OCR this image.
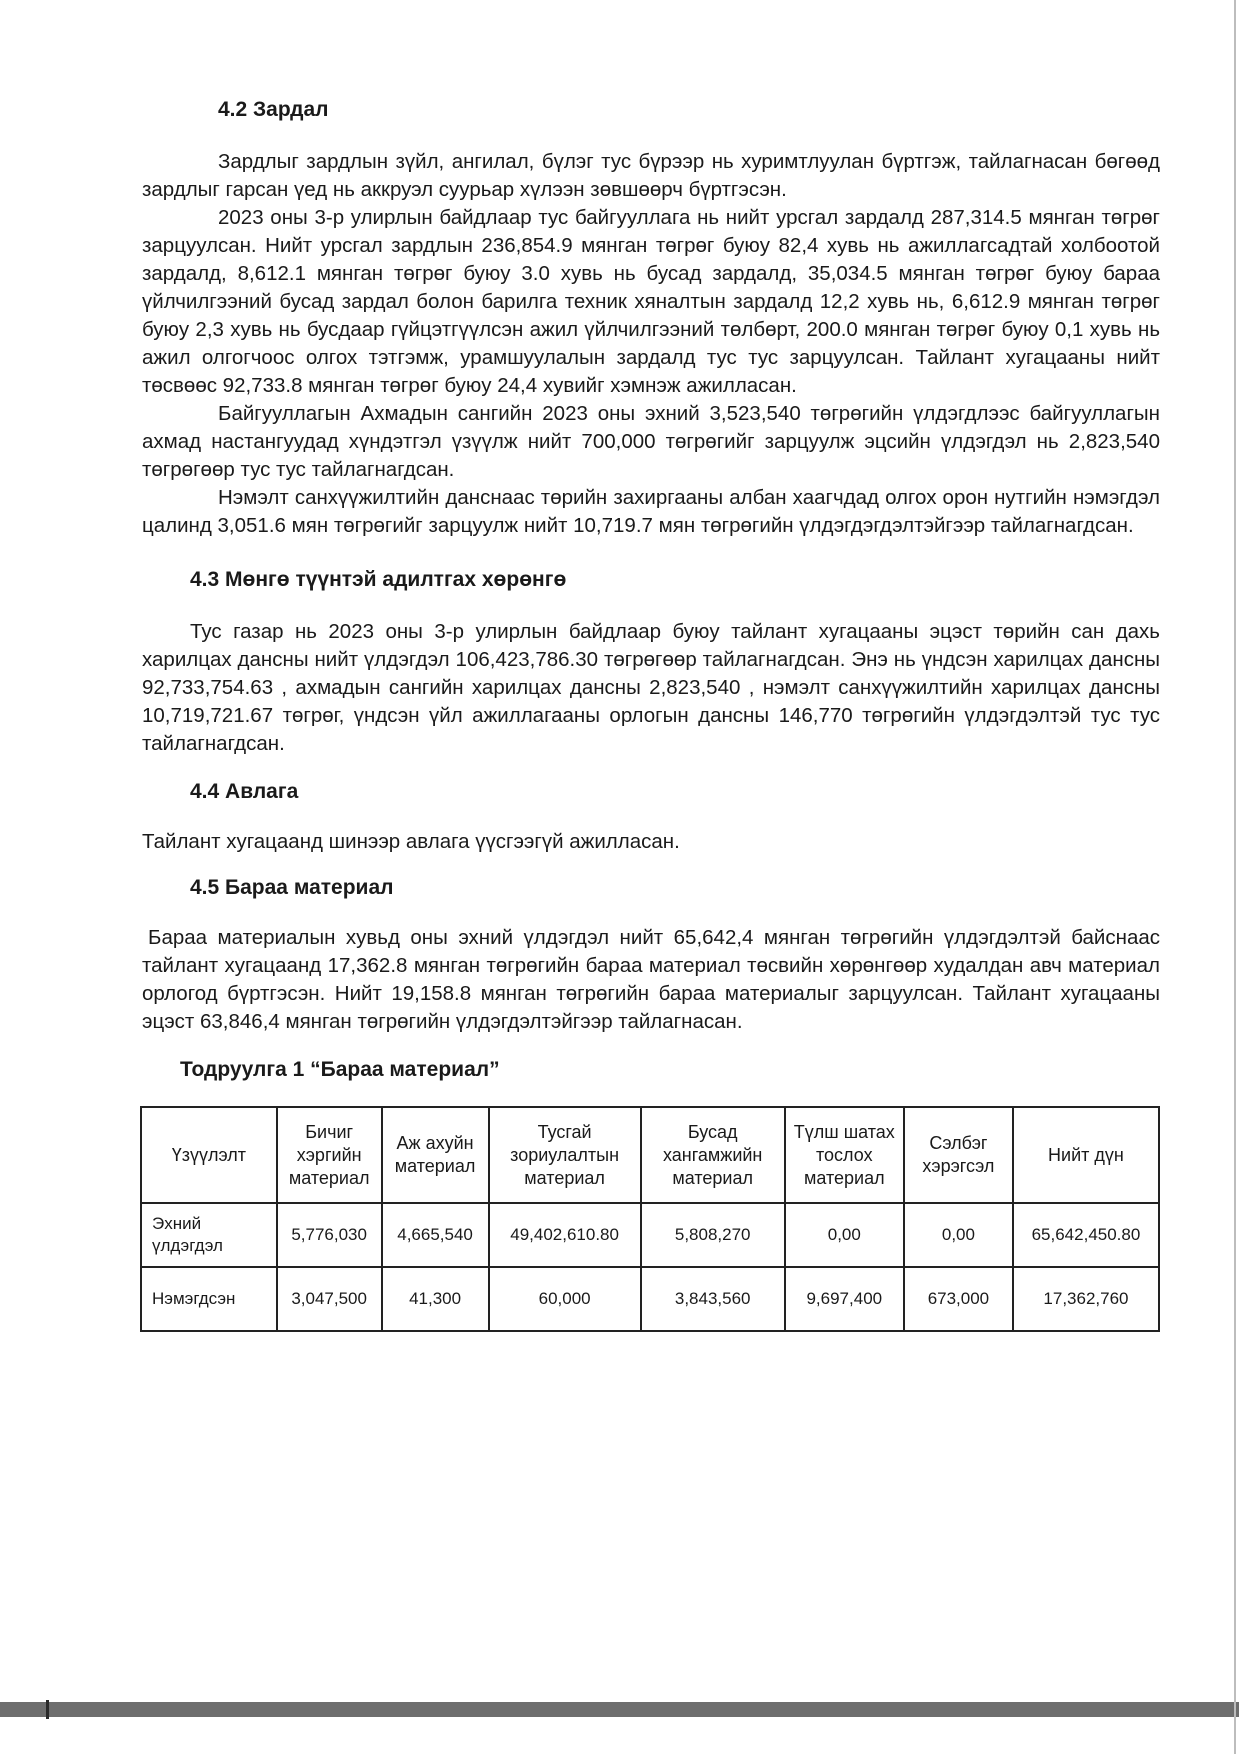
4.2 Зардал

Зардлыг зардлын зүйл, ангилал, бүлэг тус бүрээр нь хуримтлуулан бүртгэж, тайлагнасан бөгөөд зардлыг гарсан үед нь аккруэл суурьар хүлээн зөвшөөрч бүртгэсэн.

2023 оны 3-р улирлын байдлаар тус байгууллага нь нийт урсгал зардалд 287,314.5 мянган төгрөг зарцуулсан. Нийт урсгал зардлын 236,854.9 мянган төгрөг буюу 82,4 хувь нь ажиллагсадтай холбоотой зардалд, 8,612.1 мянган төгрөг буюу 3.0 хувь нь бусад зардалд, 35,034.5 мянган төгрөг буюу бараа үйлчилгээний бусад зардал болон барилга техник хяналтын зардалд 12,2 хувь нь, 6,612.9 мянган төгрөг буюу 2,3 хувь нь бусдаар гүйцэтгүүлсэн ажил үйлчилгээний төлбөрт, 200.0 мянган төгрөг буюу 0,1 хувь нь ажил олгогчоос олгох тэтгэмж, урамшуулалын зардалд тус тус зарцуулсан. Тайлант хугацааны нийт төсвөөс 92,733.8 мянган төгрөг буюу 24,4 хувийг хэмнэж ажилласан.

Байгууллагын Ахмадын сангийн 2023 оны эхний 3,523,540 төгрөгийн үлдэгдлээс байгууллагын ахмад настангуудад хүндэтгэл үзүүлж нийт 700,000 төгрөгийг зарцуулж эцсийн үлдэгдэл нь 2,823,540 төгрөгөөр тус тус тайлагнагдсан.

Нэмэлт санхүүжилтийн данснаас төрийн захиргааны албан хаагчдад олгох орон нутгийн нэмэгдэл цалинд 3,051.6 мян төгрөгийг зарцуулж нийт 10,719.7 мян төгрөгийн үлдэгдэгдэлтэйгээр тайлагнагдсан.

4.3 Мөнгө түүнтэй адилтгах хөрөнгө

Тус газар нь 2023 оны 3-р улирлын байдлаар буюу тайлант хугацааны эцэст төрийн сан дахь харилцах дансны нийт үлдэгдэл 106,423,786.30 төгрөгөөр тайлагнагдсан. Энэ нь үндсэн харилцах дансны 92,733,754.63 , ахмадын сангийн харилцах дансны 2,823,540 , нэмэлт санхүүжилтийн харилцах дансны 10,719,721.67 төгрөг, үндсэн үйл ажиллагааны орлогын дансны 146,770 төгрөгийн үлдэгдэлтэй тус тус тайлагнагдсан.

4.4 Авлага

Тайлант хугацаанд шинээр авлага үүсгээгүй ажилласан.

4.5 Бараа материал

Бараа материалын хувьд оны эхний үлдэгдэл нийт 65,642,4 мянган төгрөгийн үлдэгдэлтэй байснаас тайлант хугацаанд 17,362.8 мянган төгрөгийн бараа материал төсвийн хөрөнгөөр худалдан авч материал орлогод бүртгэсэн. Нийт 19,158.8 мянган төгрөгийн бараа материалыг зарцуулсан. Тайлант хугацааны эцэст 63,846,4 мянган төгрөгийн үлдэгдэлтэйгээр тайлагнасан.

Тодруулга 1 “Бараа материал”

Үзүүлэлт	Бичиг хэргийн материал	Аж ахуйн материал	Тусгай зориулалтын материал	Бусад хангамжийн материал	Түлш шатах тослох материал	Сэлбэг хэрэгсэл	Нийт дүн
Эхний үлдэгдэл	5,776,030	4,665,540	49,402,610.80	5,808,270	0,00	0,00	65,642,450.80
Нэмэгдсэн	3,047,500	41,300	60,000	3,843,560	9,697,400	673,000	17,362,760
